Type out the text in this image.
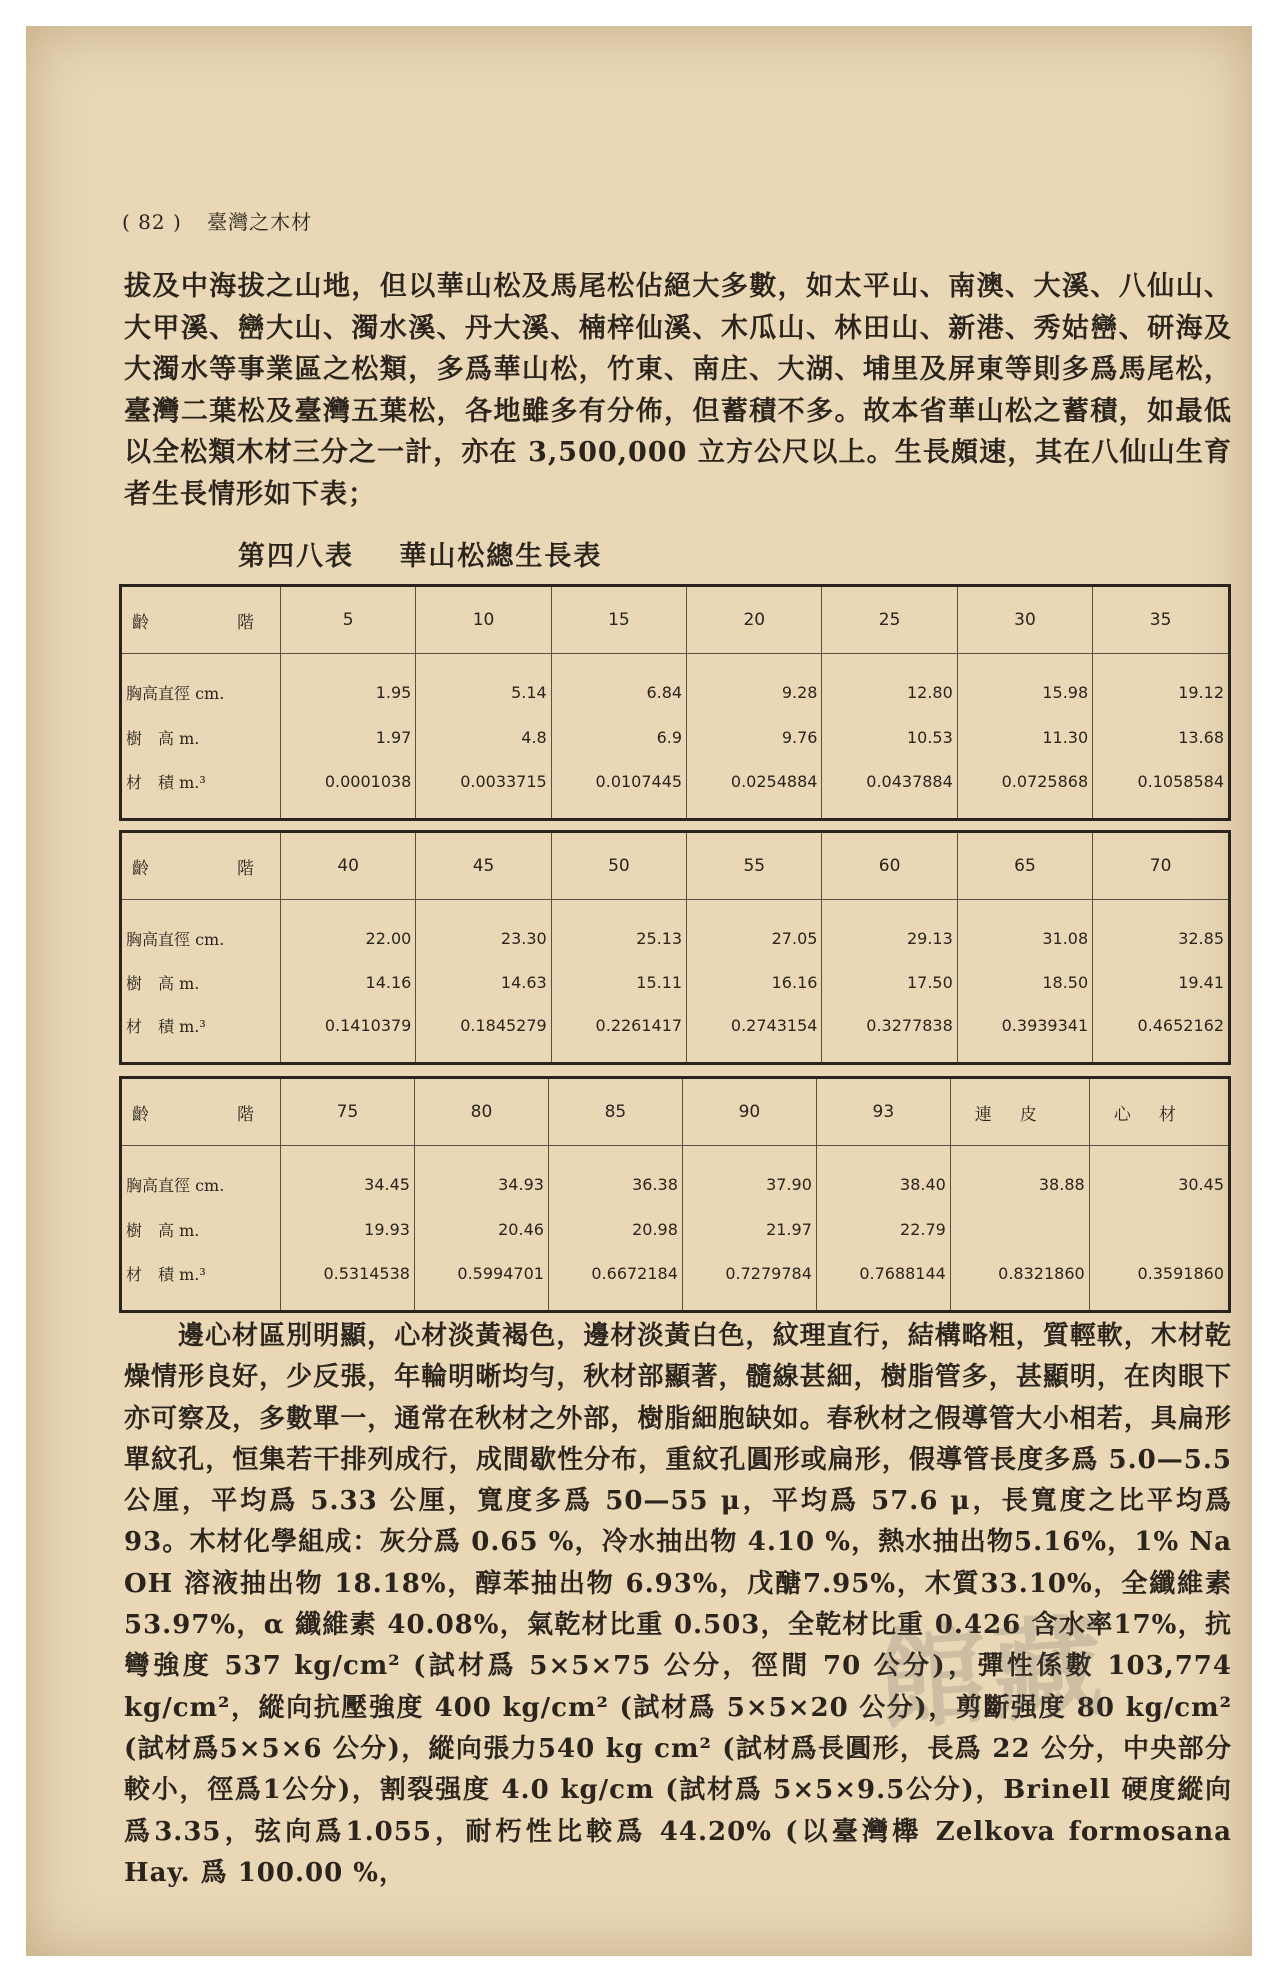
( 82 ) 臺灣之木材
拔及中海拔之山地，但以華山松及馬尾松佔絕大多數，如太平山、南澳、大溪、八仙山、大甲溪、巒大山、濁水溪、丹大溪、楠梓仙溪、木瓜山、林田山、新港、秀姑巒、研海及大濁水等事業區之松類，多爲華山松，竹東、南庄、大湖、埔里及屏東等則多爲馬尾松，臺灣二葉松及臺灣五葉松，各地雖多有分佈，但蓄積不多。故本省華山松之蓄積，如最低以全松類木材三分之一計，亦在 3,500,000 立方公尺以上。生長頗速，其在八仙山生育者生長情形如下表；
第四八表 華山松總生長表
齡 階	5	10	15	20	25	30	35
胸高直徑 cm.	1.95	5.14	6.84	9.28	12.80	15.98	19.12
樹　高 m.	1.97	4.8	6.9	9.76	10.53	11.30	13.68
材　積 m.³	0.0001038	0.0033715	0.0107445	0.0254884	0.0437884	0.0725868	0.1058584
齡 階	40	45	50	55	60	65	70
胸高直徑 cm.	22.00	23.30	25.13	27.05	29.13	31.08	32.85
樹　高 m.	14.16	14.63	15.11	16.16	17.50	18.50	19.41
材　積 m.³	0.1410379	0.1845279	0.2261417	0.2743154	0.3277838	0.3939341	0.4652162
齡 階	75	80	85	90	93	連皮	心材
胸高直徑 cm.	34.45	34.93	36.38	37.90	38.40	38.88	30.45
樹　高 m.	19.93	20.46	20.98	21.97	22.79		
材　積 m.³	0.5314538	0.5994701	0.6672184	0.7279784	0.7688144	0.8321860	0.3591860
邊心材區別明顯，心材淡黃褐色，邊材淡黃白色，紋理直行，結構略粗，質輕軟，木材乾燥情形良好，少反張，年輪明晰均勻，秋材部顯著，髓線甚細，樹脂管多，甚顯明，在肉眼下亦可察及，多數單一，通常在秋材之外部，樹脂細胞缺如。春秋材之假導管大小相若，具扁形單紋孔，恒集若干排列成行，成間歇性分布，重紋孔圓形或扁形，假導管長度多爲 5.0—5.5 公厘，平均爲 5.33 公厘，寬度多爲 50—55 μ，平均爲 57.6 μ，長寬度之比平均爲 93。木材化學組成：灰分爲 0.65 %，冷水抽出物 4.10 %，熱水抽出物5.16%，1% Na OH 溶液抽出物 18.18%，醇苯抽出物 6.93%，戊醣7.95%，木質33.10%，全纖維素 53.97%，α 纖維素 40.08%，氣乾材比重 0.503，全乾材比重 0.426 含水率17%，抗彎強度 537 kg/cm² (試材爲 5×5×75 公分，徑間 70 公分)，彈性係數 103,774 kg/cm²，縱向抗壓強度 400 kg/cm² (試材爲 5×5×20 公分)，剪斷强度 80 kg/cm² (試材爲5×5×6 公分)，縱向張力540 kg cm² (試材爲長圓形，長爲 22 公分，中央部分較小，徑爲1公分)，割裂强度 4.0 kg/cm (試材爲 5×5×9.5公分)，Brinell 硬度縱向爲3.35，弦向爲1.055，耐朽性比較爲 44.20% (以臺灣櫸 Zelkova formosana Hay. 爲 100.00 %，
館藏
